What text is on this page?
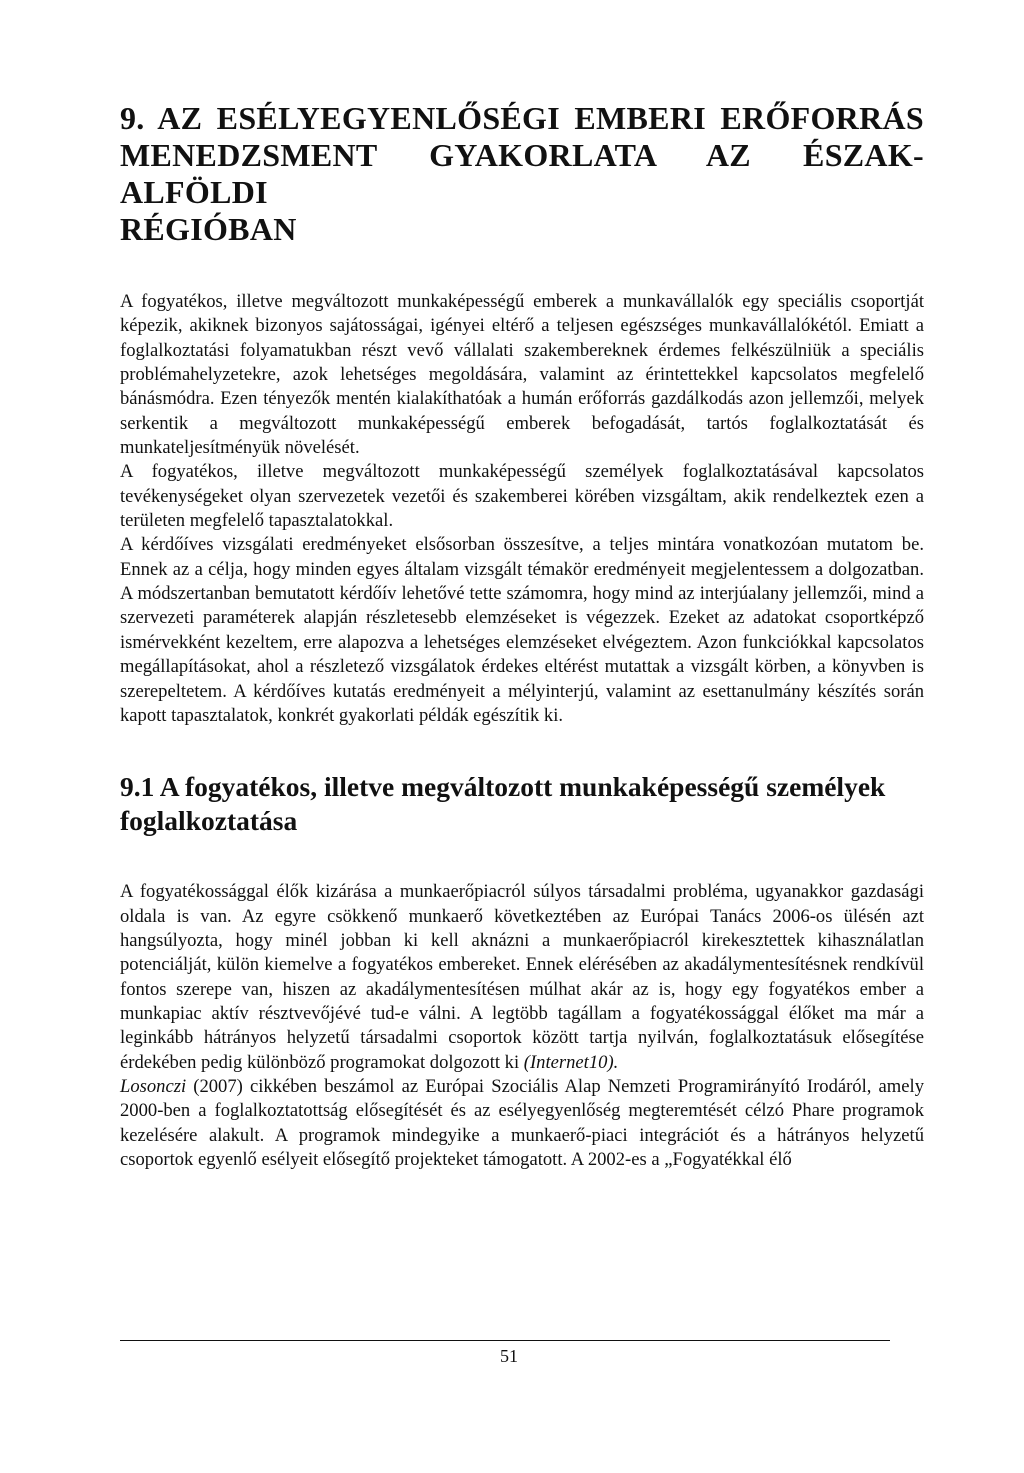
9. AZ ESÉLYEGYENLŐSÉGI EMBERI ERŐFORRÁS MENEDZSMENT GYAKORLATA AZ ÉSZAK-ALFÖLDI
RÉGIÓBAN

A fogyatékos, illetve megváltozott munkaképességű emberek a munkavállalók egy speciális csoportját képezik, akiknek bizonyos sajátosságai, igényei eltérő a teljesen egészséges munkavállalókétól. Emiatt a foglalkoztatási folyamatukban részt vevő vállalati szakembereknek érdemes felkészülniük a speciális problémahelyzetekre, azok lehetséges megoldására, valamint az érintettekkel kapcsolatos megfelelő bánásmódra. Ezen tényezők mentén kialakíthatóak a humán erőforrás gazdálkodás azon jellemzői, melyek serkentik a megváltozott munkaképességű emberek befogadását, tartós foglalkoztatását és munkateljesítményük növelését.

A fogyatékos, illetve megváltozott munkaképességű személyek foglalkoztatásával kapcsolatos tevékenységeket olyan szervezetek vezetői és szakemberei körében vizsgáltam, akik rendelkeztek ezen a területen megfelelő tapasztalatokkal.

A kérdőíves vizsgálati eredményeket elsősorban összesítve, a teljes mintára vonatkozóan mutatom be. Ennek az a célja, hogy minden egyes általam vizsgált témakör eredményeit megjelentessem a dolgozatban. A módszertanban bemutatott kérdőív lehetővé tette számomra, hogy mind az interjúalany jellemzői, mind a szervezeti paraméterek alapján részletesebb elemzéseket is végezzek. Ezeket az adatokat csoportképző ismérvekként kezeltem, erre alapozva a lehetséges elemzéseket elvégeztem. Azon funkciókkal kapcsolatos megállapításokat, ahol a részletező vizsgálatok érdekes eltérést mutattak a vizsgált körben, a könyvben is szerepeltetem. A kérdőíves kutatás eredményeit a mélyinterjú, valamint az esettanulmány készítés során kapott tapasztalatok, konkrét gyakorlati példák egészítik ki.

9.1 A fogyatékos, illetve megváltozott munkaképességű személyek foglalkoztatása

A fogyatékossággal élők kizárása a munkaerőpiacról súlyos társadalmi probléma, ugyanakkor gazdasági oldala is van. Az egyre csökkenő munkaerő következtében az Európai Tanács 2006-os ülésén azt hangsúlyozta, hogy minél jobban ki kell aknázni a munkaerőpiacról kirekesztettek kihasználatlan potenciálját, külön kiemelve a fogyatékos embereket. Ennek elérésében az akadálymentesítésnek rendkívül fontos szerepe van, hiszen az akadálymentesítésen múlhat akár az is, hogy egy fogyatékos ember a munkapiac aktív résztvevőjévé tud-e válni. A legtöbb tagállam a fogyatékossággal élőket ma már a leginkább hátrányos helyzetű társadalmi csoportok között tartja nyilván, foglalkoztatásuk elősegítése érdekében pedig különböző programokat dolgozott ki (Internet10).

Losonczi (2007) cikkében beszámol az Európai Szociális Alap Nemzeti Programirányító Irodáról, amely 2000-ben a foglalkoztatottság elősegítését és az esélyegyenlőség megteremtését célzó Phare programok kezelésére alakult. A programok mindegyike a munkaerő-piaci integrációt és a hátrányos helyzetű csoportok egyenlő esélyeit elősegítő projekteket támogatott. A 2002-es a „Fogyatékkal élő

51
